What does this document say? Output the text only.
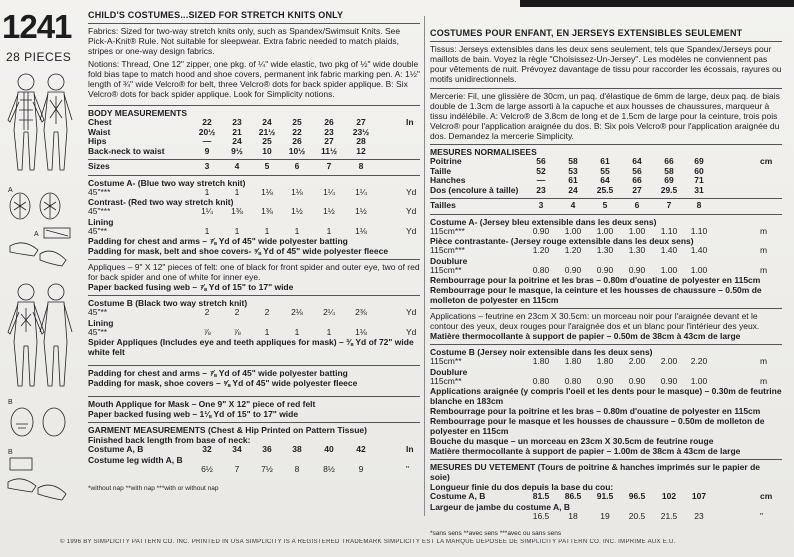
1241
28 PIECES
A
A
B
B
CHILD'S COSTUMES...SIZED FOR STRETCH KNITS ONLY
Fabrics: Sized for two-way stretch knits only, such as Spandex/Swimsuit Knits. See Pick-A-Knit® Rule. Not suitable for sleepwear. Extra fabric needed to match plaids, stripes or one-way design fabrics.
Notions: Thread, One 12" zipper, one pkg. of ¼" wide elastic, two pkg of ½" wide double fold bias tape to match hood and shoe covers, permanent ink fabric marking pen. A: 1½" length of ¾" wide Velcro® for belt, three Velcro® dots for back spider applique. B: Six Velcro® dots for back spider applique. Look for Simplicity notions.
BODY MEASUREMENTS
Chest	22	23	24	25	26	27	In
Waist	20½	21	21½	22	23	23½
Hips	—	24	25	26	27	28
Back-neck to waist	9	9½	10	10½	11½	12
Sizes	3	4	5	6	7	8
Costume A- (Blue two way stretch knit)
45"***	1	1	1⅛	1⅛	1¼	1¼	Yd
Contrast- (Red two way stretch knit)
45"***	1¼	1⅜	1⅜	1½	1½	1½	Yd
Lining
45"**	1	1	1	1	1	1⅛	Yd
Padding for chest and arms – ⅞ Yd of 45" wide polyester batting
Padding for mask, belt and shoe covers- ⅝ Yd of 45" wide polyester fleece
Appliques – 9" X 12" pieces of felt: one of black for front spider and outer eye, two of red for back spider and one of white for inner eye.
Paper backed fusing web – ⅞ Yd of 15" to 17" wide
Costume B (Black two way stretch knit)
45"**	2	2	2	2⅛	2¼	2⅜	Yd
Lining
45"**	⅞	⅞	1	1	1	1⅛	Yd
Spider Appliques (Includes eye and teeth appliques for mask) – ⅜ Yd of 72" wide white felt
Padding for chest and arms – ⅞ Yd of 45" wide polyester batting
Padding for mask, shoe covers – ⅝ Yd of 45" wide polyester fleece
Mouth Applique for Mask – One 9" X 12" piece of red felt
Paper backed fusing web – 1⅛ Yd of 15" to 17" wide
GARMENT MEASUREMENTS (Chest & Hip Printed on Pattern Tissue)
Finished back length from base of neck:
Costume A, B	32	34	36	38	40	42	In
Costume leg width A, B
6½	7	7½	8	8½	9	"
*without nap **with nap ***with or without nap
COSTUMES POUR ENFANT, EN JERSEYS EXTENSIBLES SEULEMENT
Tissus: Jerseys extensibles dans les deux sens seulement, tels que Spandex/Jerseys pour maillots de bain. Voyez la règle "Choisissez-Un-Jersey". Les modèles ne conviennent pas pour vêtements de nuit. Prévoyez davantage de tissu pour raccorder les écossais, rayures ou motifs unidirectionnels.
Mercerie: Fil, une glissière de 30cm, un paq. d'élastique de 6mm de large, deux paq. de biais double de 1.3cm de large assorti à la capuche et aux housses de chaussures, marqueur à tissu indélébile. A: Velcro® de 3.8cm de long et de 1.5cm de large pour la ceinture, trois pois Velcro® pour l'application araignée du dos. B: Six pois Velcro® pour l'application araignée du dos. Demandez la mercerie Simplicity.
MESURES NORMALISEES
Poitrine	56	58	61	64	66	69	cm
Taille	52	53	55	56	58	60
Hanches	—	61	64	66	69	71
Dos (encolure à taille)	23	24	25.5	27	29.5	31
Tailles	3	4	5	6	7	8
Costume A- (Jersey bleu extensible dans les deux sens)
115cm***	0.90	1.00	1.00	1.00	1.10	1.10	m
Pièce contrastante- (Jersey rouge extensible dans les deux sens)
115cm***	1.20	1.20	1.30	1.30	1.40	1.40	m
Doublure
115cm**	0.80	0.90	0.90	0.90	1.00	1.00	m
Rembourrage pour la poitrine et les bras – 0.80m d'ouatine de polyester en 115cm
Rembourrage pour le masque, la ceinture et les housses de chaussure – 0.50m de molleton de polyester en 115cm
Applications – feutrine en 23cm X 30.5cm: un morceau noir pour l'araignée devant et le contour des yeux, deux rouges pour l'araignée dos et un blanc pour l'intérieur des yeux.
Matière thermocollante à support de papier – 0.50m de 38cm à 43cm de large
Costume B (Jersey noir extensible dans les deux sens)
115cm**	1.80	1.80	1.80	2.00	2.00	2.20	m
Doublure
115cm**	0.80	0.80	0.90	0.90	0.90	1.00	m
Applications araignée (y compris l'oeil et les dents pour le masque) – 0.30m de feutrine blanche en 183cm
Rembourrage pour la poitrine et les bras – 0.80m d'ouatine de polyester en 115cm
Rembourrage pour le masque et les housses de chaussure – 0.50m de molleton de polyester en 115cm
Bouche du masque – un morceau en 23cm X 30.5cm de feutrine rouge
Matière thermocollante à support de papier – 1.00m de 38cm à 43cm de large
MESURES DU VETEMENT (Tours de poitrine & hanches imprimés sur le papier de soie)
Longueur finie du dos depuis la base du cou:
Costume A, B	81.5	86.5	91.5	96.5	102	107	cm
Largeur de jambe du costume A, B
16.5	18	19	20.5	21.5	23	"
*sans sens **avec sens ***avec ou sans sens
© 1996 BY SIMPLICITY PATTERN CO. INC. PRINTED IN USA SIMPLICITY IS A REGISTERED TRADEMARK SIMPLICITY EST LA MARQUE DEPOSEE DE SIMPLICITY PATTERN CO. INC. IMPRIME AUX E.U.
